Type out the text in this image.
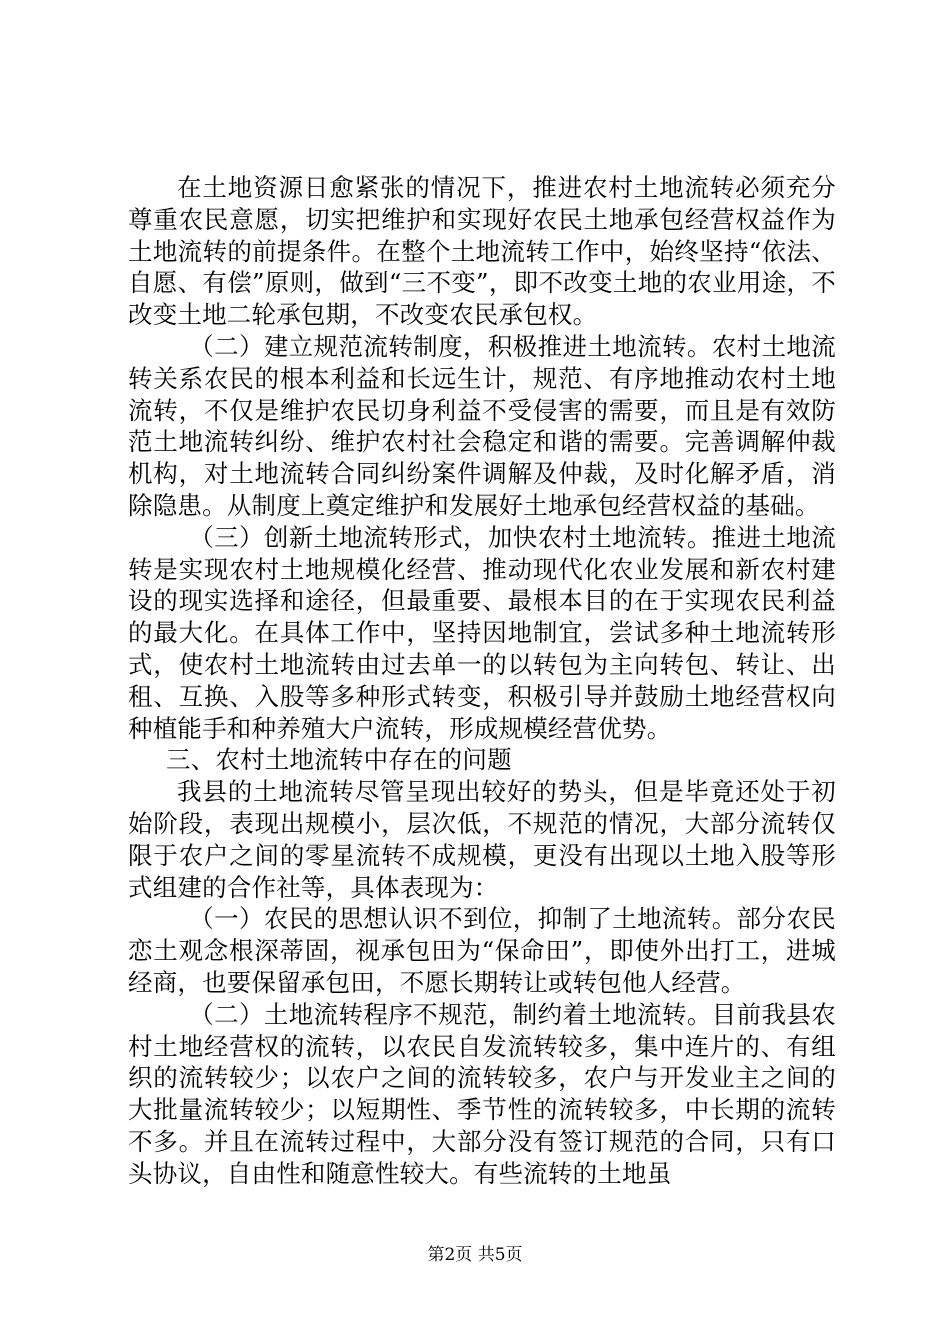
在土地资源日愈紧张的情况下，推进农村土地流转必须充分尊重农民意愿，切实把维护和实现好农民土地承包经营权益作为土地流转的前提条件。在整个土地流转工作中，始终坚持“依法、自愿、有偿”原则，做到“三不变”，即不改变土地的农业用途，不改变土地二轮承包期，不改变农民承包权。

（二）建立规范流转制度，积极推进土地流转。农村土地流转关系农民的根本利益和长远生计，规范、有序地推动农村土地流转，不仅是维护农民切身利益不受侵害的需要，而且是有效防范土地流转纠纷、维护农村社会稳定和谐的需要。完善调解仲裁机构，对土地流转合同纠纷案件调解及仲裁，及时化解矛盾，消除隐患。从制度上奠定维护和发展好土地承包经营权益的基础。

（三）创新土地流转形式，加快农村土地流转。推进土地流转是实现农村土地规模化经营、推动现代化农业发展和新农村建设的现实选择和途径，但最重要、最根本目的在于实现农民利益的最大化。在具体工作中，坚持因地制宜，尝试多种土地流转形式，使农村土地流转由过去单一的以转包为主向转包、转让、出租、互换、入股等多种形式转变，积极引导并鼓励土地经营权向种植能手和种养殖大户流转，形成规模经营优势。

三、农村土地流转中存在的问题

我县的土地流转尽管呈现出较好的势头，但是毕竟还处于初始阶段，表现出规模小，层次低，不规范的情况，大部分流转仅限于农户之间的零星流转不成规模，更没有出现以土地入股等形式组建的合作社等，具体表现为：

（一）农民的思想认识不到位，抑制了土地流转。部分农民恋土观念根深蒂固，视承包田为“保命田”，即使外出打工，进城经商，也要保留承包田，不愿长期转让或转包他人经营。

（二）土地流转程序不规范，制约着土地流转。目前我县农村土地经营权的流转，以农民自发流转较多，集中连片的、有组织的流转较少；以农户之间的流转较多，农户与开发业主之间的大批量流转较少；以短期性、季节性的流转较多，中长期的流转不多。并且在流转过程中，大部分没有签订规范的合同，只有口头协议，自由性和随意性较大。有些流转的土地虽

第2页 共5页
